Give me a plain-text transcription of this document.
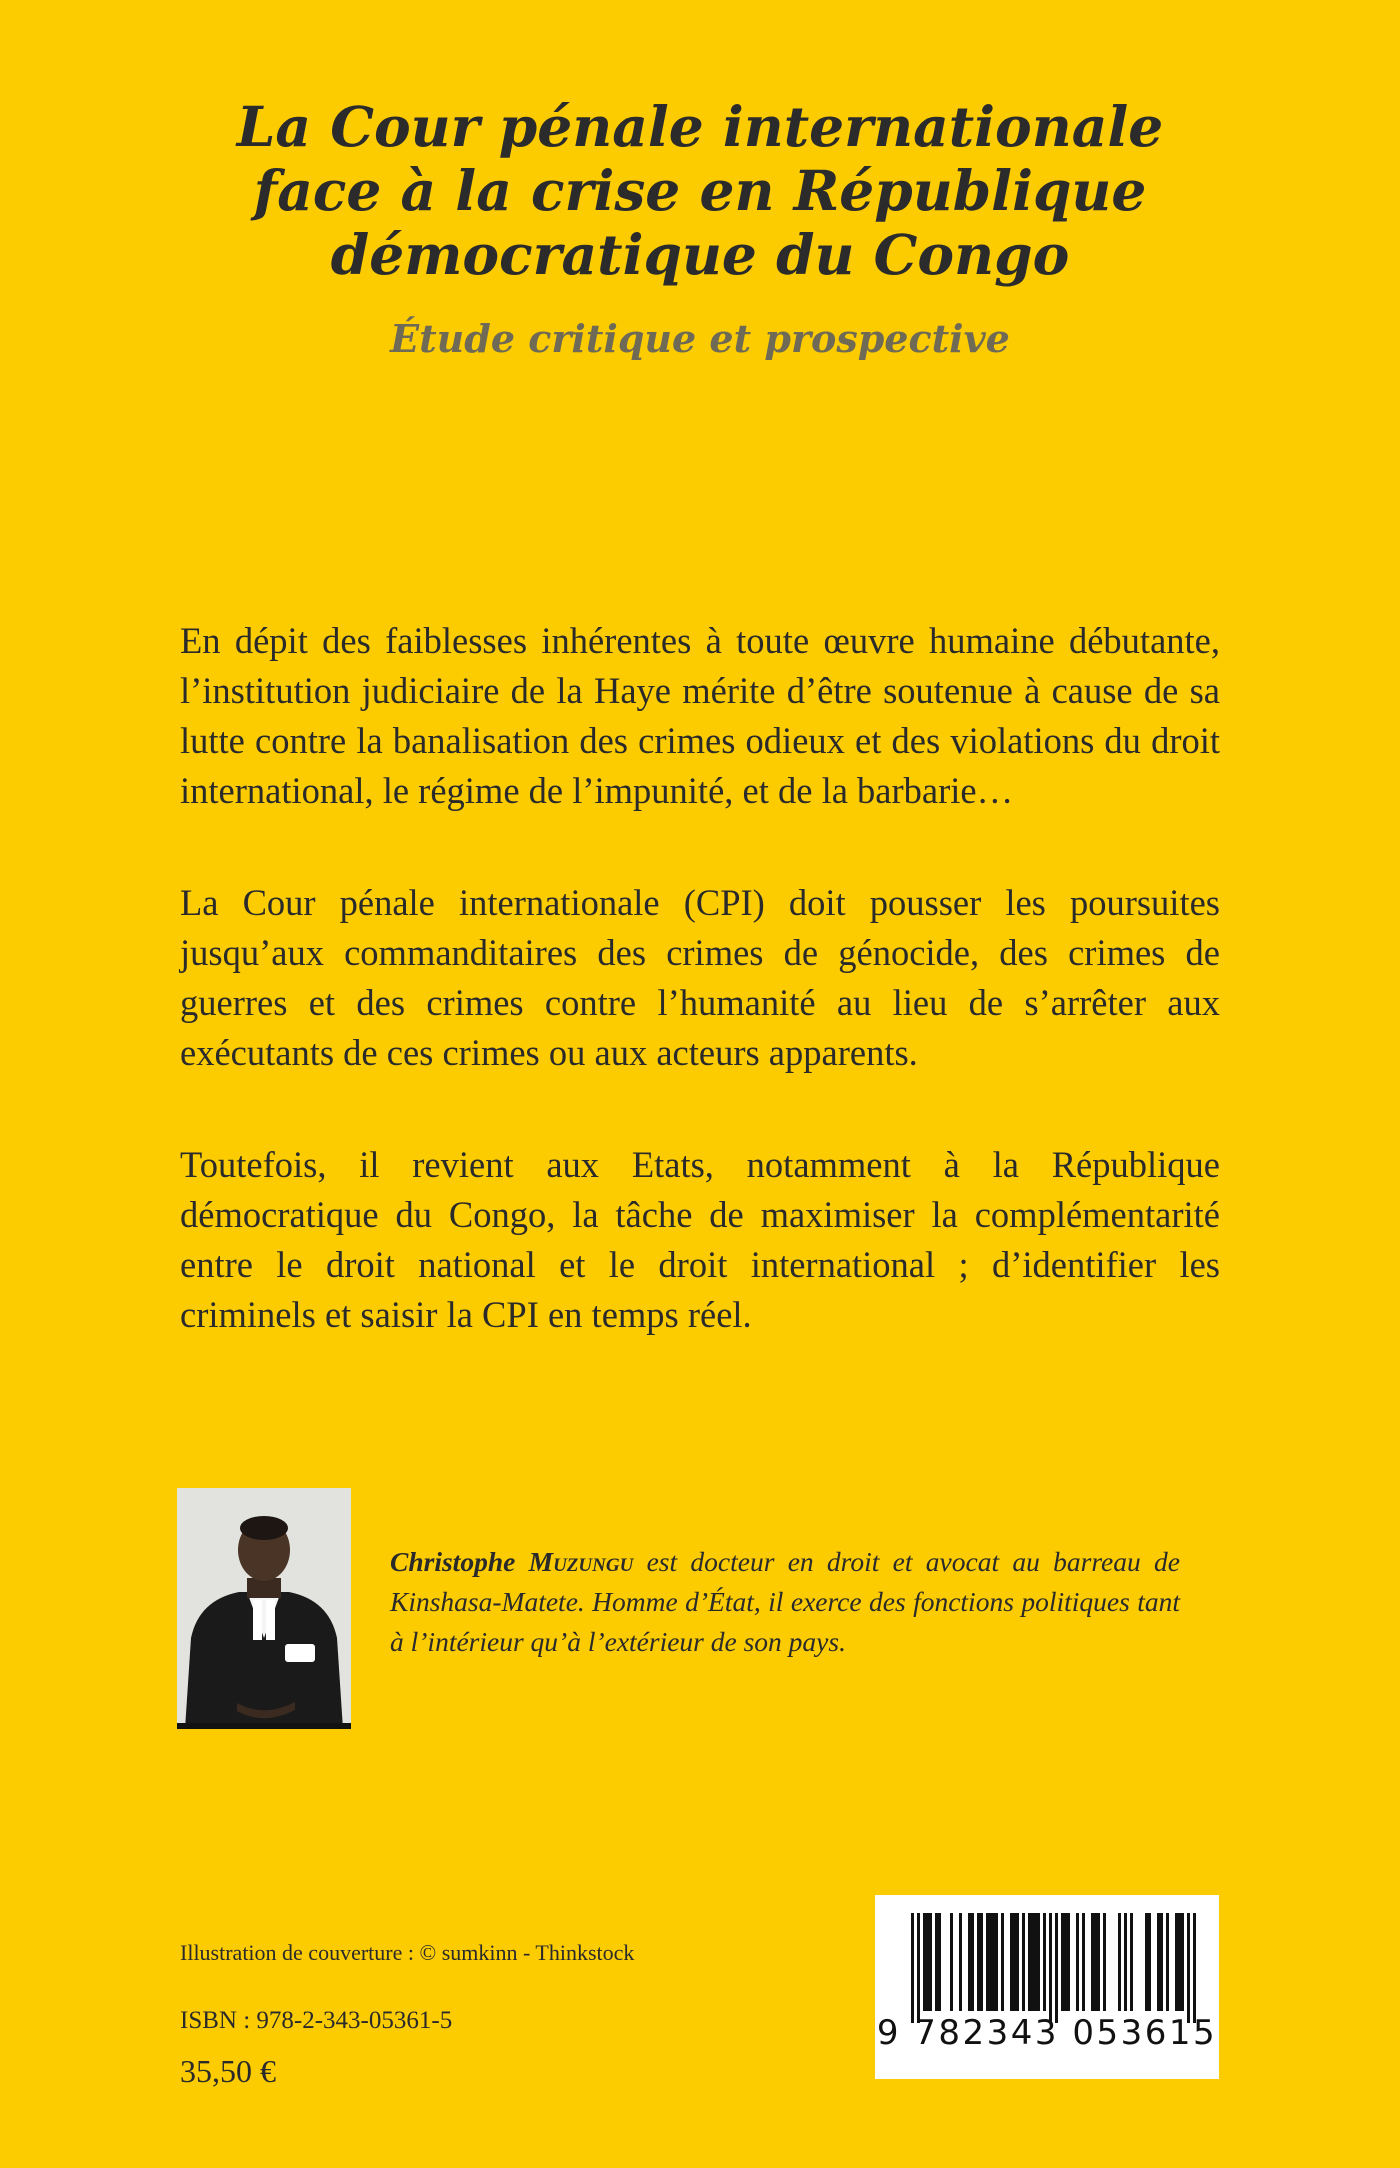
La Cour pénale internationale
face à la crise en République
démocratique du Congo
Étude critique et prospective

En dépit des faiblesses inhérentes à toute œuvre humaine débutante, l’institution judiciaire de la Haye mérite d’être soutenue à cause de sa lutte contre la banalisation des crimes odieux et des violations du droit international, le régime de l’impunité, et de la barbarie…

La Cour pénale internationale (CPI) doit pousser les poursuites jusqu’aux commanditaires des crimes de génocide, des crimes de guerres et des crimes contre l’humanité au lieu de s’arrêter aux exécutants de ces crimes ou aux acteurs apparents.

Toutefois, il revient aux Etats, notamment à la République démocratique du Congo, la tâche de maximiser la complémentarité entre le droit national et le droit international ; d’identifier les criminels et saisir la CPI en temps réel.

Christophe Muzungu est docteur en droit et avocat au barreau de Kinshasa-Matete. Homme d’État, il exerce des fonctions politiques tant à l’intérieur qu’à l’extérieur de son pays.
Illustration de couverture : © sumkinn - Thinkstock
ISBN : 978-2-343-05361-5
35,50 €
9 782343 053615
